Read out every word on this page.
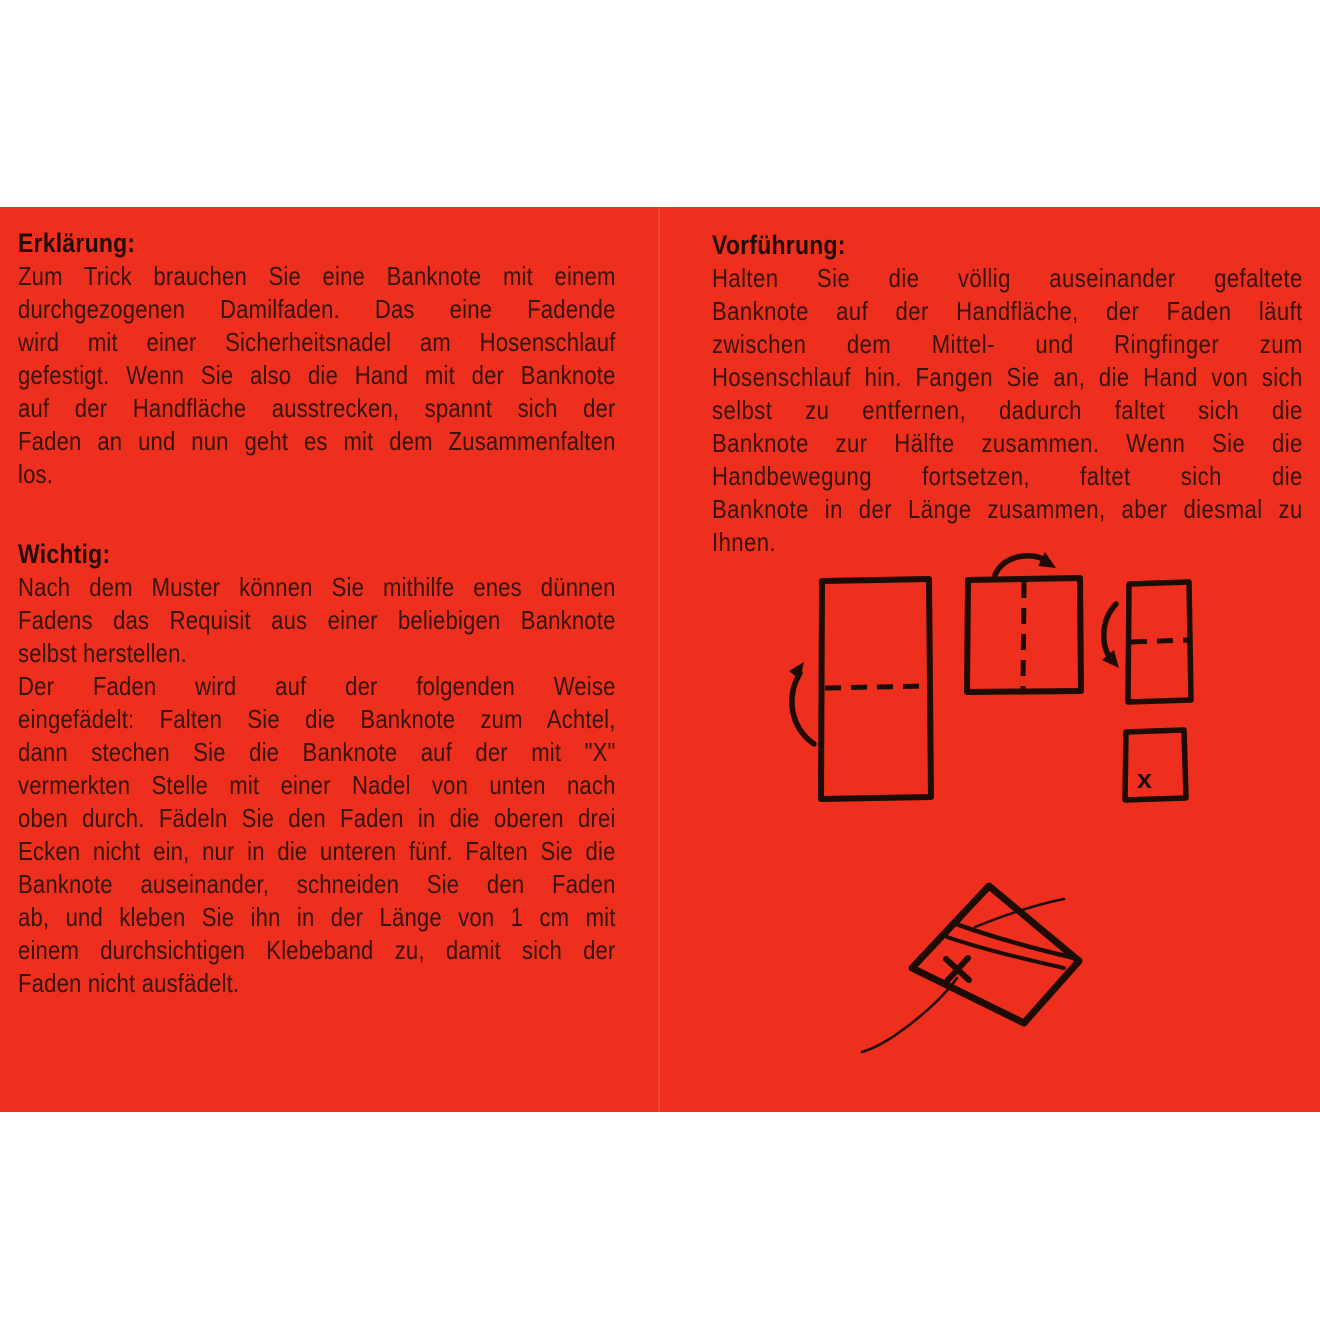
Erklärung:
Zum Trick brauchen Sie eine Banknote mit einem
durchgezogenen Damilfaden. Das eine Fadende
wird mit einer Sicherheitsnadel am Hosenschlauf
gefestigt. Wenn Sie also die Hand mit der Banknote
auf der Handfläche ausstrecken, spannt sich der
Faden an und nun geht es mit dem Zusammenfalten
los.
Wichtig:
Nach dem Muster können Sie mithilfe enes dünnen
Fadens das Requisit aus einer beliebigen Banknote
selbst herstellen.
Der Faden wird auf der folgenden Weise
eingefädelt: Falten Sie die Banknote zum Achtel,
dann stechen Sie die Banknote auf der mit "X"
vermerkten Stelle mit einer Nadel von unten nach
oben durch. Fädeln Sie den Faden in die oberen drei
Ecken nicht ein, nur in die unteren fünf. Falten Sie die
Banknote auseinander, schneiden Sie den Faden
ab, und kleben Sie ihn in der Länge von 1 cm mit
einem durchsichtigen Klebeband zu, damit sich der
Faden nicht ausfädelt.
Vorführung:
Halten Sie die völlig auseinander gefaltete
Banknote auf der Handfläche, der Faden läuft
zwischen dem Mittel- und Ringfinger zum
Hosenschlauf hin. Fangen Sie an, die Hand von sich
selbst zu entfernen, dadurch faltet sich die
Banknote zur Hälfte zusammen. Wenn Sie die
Handbewegung fortsetzen, faltet sich die
Banknote in der Länge zusammen, aber diesmal zu
Ihnen.
x
